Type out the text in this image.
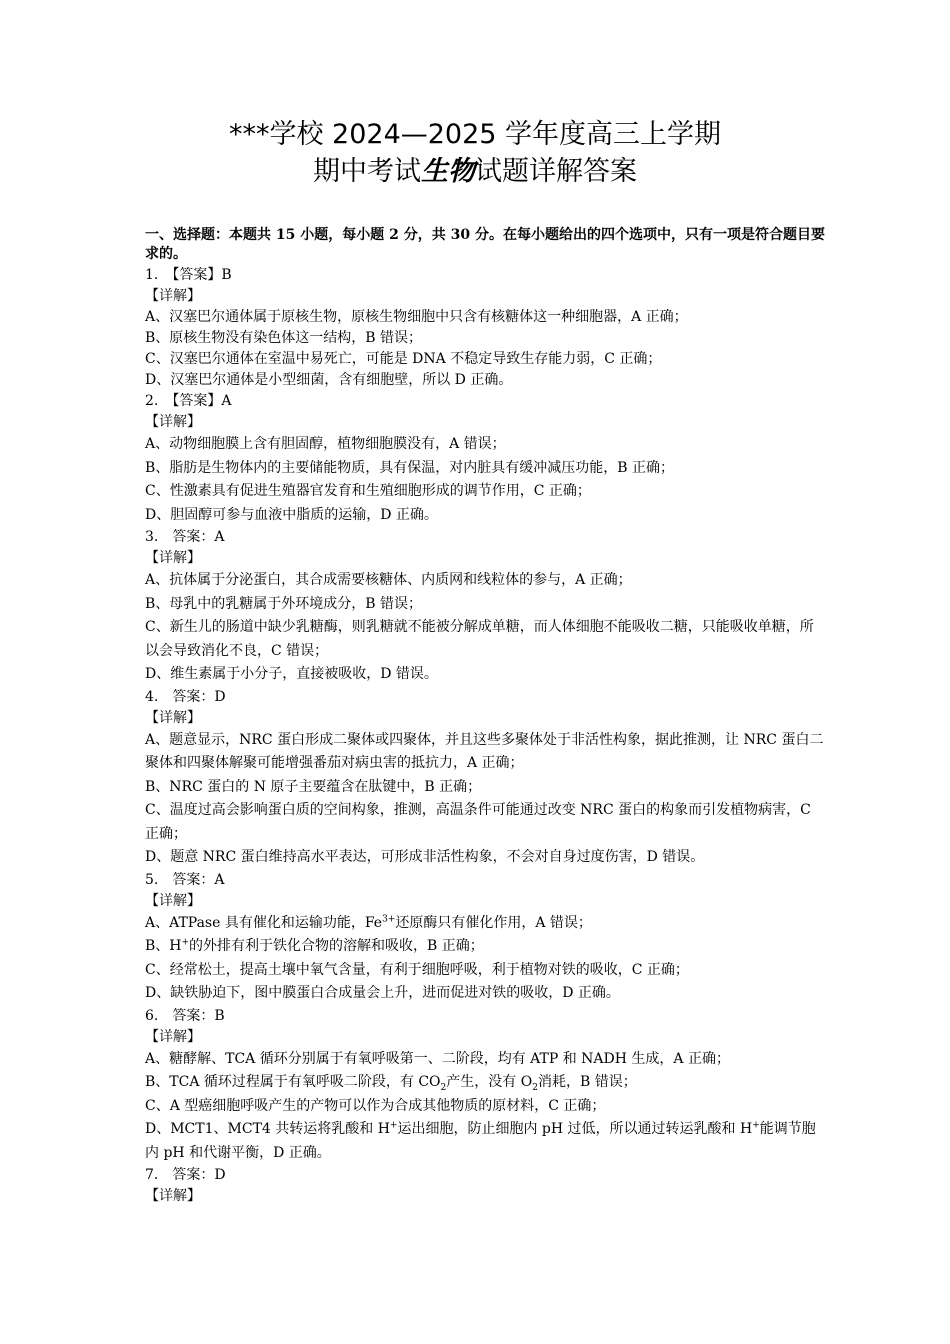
***学校 2024—2025 学年度高三上学期
期中考试生物试题详解答案
一、选择题：本题共 15 小题，每小题 2 分，共 30 分。在每小题给出的四个选项中，只有一项是符合题目要求的。
1.　【答案】B
【详解】
A、汉塞巴尔通体属于原核生物，原核生物细胞中只含有核糖体这一种细胞器，A 正确；
B、原核生物没有染色体这一结构，B 错误；
C、汉塞巴尔通体在室温中易死亡，可能是 DNA 不稳定导致生存能力弱，C 正确；
D、汉塞巴尔通体是小型细菌，含有细胞壁，所以 D 正确。
2.　【答案】A
【详解】
A、动物细胞膜上含有胆固醇，植物细胞膜没有，A 错误；
B、脂肪是生物体内的主要储能物质，具有保温，对内脏具有缓冲减压功能，B 正确；
C、性激素具有促进生殖器官发育和生殖细胞形成的调节作用，C 正确；
D、胆固醇可参与血液中脂质的运输，D 正确。
3.　答案：A
【详解】
A、抗体属于分泌蛋白，其合成需要核糖体、内质网和线粒体的参与，A 正确；
B、母乳中的乳糖属于外环境成分，B 错误；
C、新生儿的肠道中缺少乳糖酶，则乳糖就不能被分解成单糖，而人体细胞不能吸收二糖，只能吸收单糖，所以会导致消化不良，C 错误；
D、维生素属于小分子，直接被吸收，D 错误。
4.　答案：D
【详解】
A、题意显示，NRC 蛋白形成二聚体或四聚体，并且这些多聚体处于非活性构象，据此推测，让 NRC 蛋白二聚体和四聚体解聚可能增强番茄对病虫害的抵抗力，A 正确；
B、NRC 蛋白的 N 原子主要蕴含在肽键中，B 正确；
C、温度过高会影响蛋白质的空间构象，推测，高温条件可能通过改变 NRC 蛋白的构象而引发植物病害，C 正确；
D、题意 NRC 蛋白维持高水平表达，可形成非活性构象，不会对自身过度伤害，D 错误。
5.　答案：A
【详解】
A、ATPase 具有催化和运输功能，$Fe^{3+}$还原酶只有催化作用，A 错误；
B、H+的外排有利于铁化合物的溶解和吸收，B 正确；
C、经常松土，提高土壤中氧气含量，有利于细胞呼吸，利于植物对铁的吸收，C 正确；
D、缺铁胁迫下，图中膜蛋白合成量会上升，进而促进对铁的吸收，D 正确。
6.　答案：B
【详解】
A、糖酵解、TCA 循环分别属于有氧呼吸第一、二阶段，均有 ATP 和 NADH 生成，A 正确；
B、TCA 循环过程属于有氧呼吸二阶段，有 $CO_2$产生，没有 $O_2$消耗，B 错误；
C、A 型癌细胞呼吸产生的产物可以作为合成其他物质的原材料，C 正确；
D、MCT1、MCT4 共转运将乳酸和 H+运出细胞，防止细胞内 pH 过低，所以通过转运乳酸和 H+能调节胞内 pH 和代谢平衡，D 正确。
7.　答案：D
【详解】
